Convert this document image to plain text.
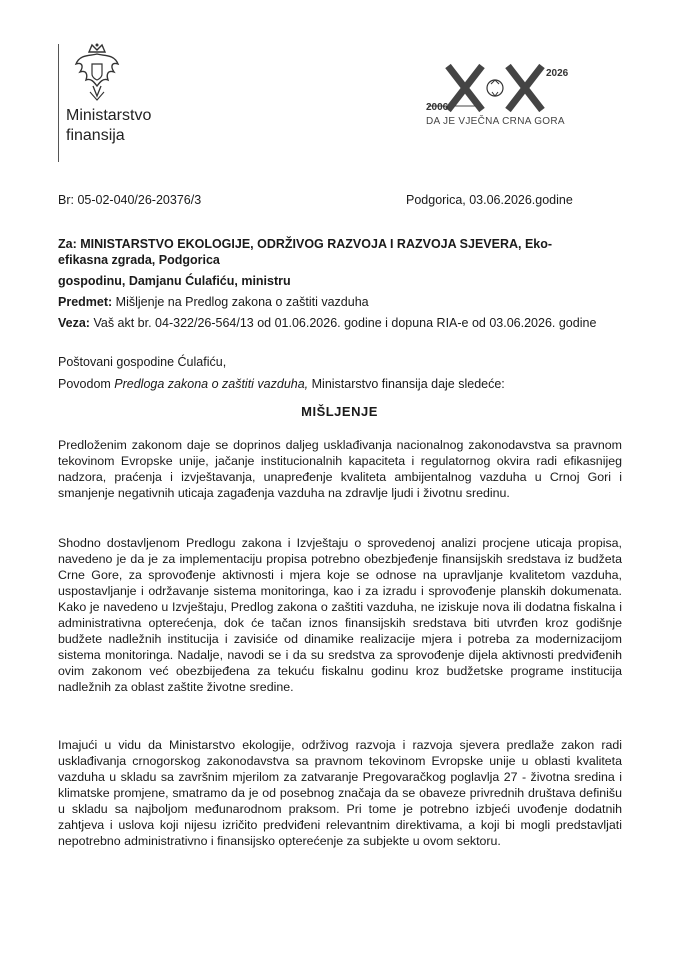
Ministarstvo
finansija
2026
2006
DA JE VJEČNA CRNA GORA
Br: 05-02-040/26-20376/3	Podgorica, 03.06.2026.godine
Za: MINISTARSTVO EKOLOGIJE, ODRŽIVOG RAZVOJA I RAZVOJA SJEVERA, Eko-
efikasna zgrada, Podgorica
gospodinu, Damjanu Ćulafiću, ministru
Predmet: Mišljenje na Predlog zakona o zaštiti vazduha
Veza: Vaš akt br. 04-322/26-564/13 od 01.06.2026. godine i dopuna RIA-e od 03.06.2026. godine
Poštovani gospodine Ćulafiću,
Povodom Predloga zakona o zaštiti vazduha, Ministarstvo finansija daje sledeće:
MIŠLJENJE
Predloženim zakonom daje se doprinos daljeg usklađivanja nacionalnog zakonodavstva sa pravnom tekovinom Evropske unije, jačanje institucionalnih kapaciteta i regulatornog okvira radi efikasnijeg nadzora, praćenja i izvještavanja, unapređenje kvaliteta ambijentalnog vazduha u Crnoj Gori i smanjenje negativnih uticaja zagađenja vazduha na zdravlje ljudi i životnu sredinu.
Shodno dostavljenom Predlogu zakona i Izvještaju o sprovedenoj analizi procjene uticaja propisa, navedeno je da je za implementaciju propisa potrebno obezbjeđenje finansijskih sredstava iz budžeta Crne Gore, za sprovođenje aktivnosti i mjera koje se odnose na upravljanje kvalitetom vazduha, uspostavljanje i održavanje sistema monitoringa, kao i za izradu i sprovođenje planskih dokumenata. Kako je navedeno u Izvještaju, Predlog zakona o zaštiti vazduha, ne iziskuje nova ili dodatna fiskalna i administrativna opterećenja, dok će tačan iznos finansijskih sredstava biti utvrđen kroz godišnje budžete nadležnih institucija i zavisiće od dinamike realizacije mjera i potreba za modernizacijom sistema monitoringa. Nadalje, navodi se i da su sredstva za sprovođenje dijela aktivnosti predviđenih ovim zakonom već obezbijeđena za tekuću fiskalnu godinu kroz budžetske programe institucija nadležnih za oblast zaštite životne sredine.
Imajući u vidu da Ministarstvo ekologije, održivog razvoja i razvoja sjevera predlaže zakon radi usklađivanja crnogorskog zakonodavstva sa pravnom tekovinom Evropske unije u oblasti kvaliteta vazduha u skladu sa završnim mjerilom za zatvaranje Pregovaračkog poglavlja 27 - životna sredina i klimatske promjene, smatramo da je od posebnog značaja da se obaveze privrednih društava definišu u skladu sa najboljom međunarodnom praksom. Pri tome je potrebno izbjeći uvođenje dodatnih zahtjeva i uslova koji nijesu izričito predviđeni relevantnim direktivama, a koji bi mogli predstavljati nepotrebno administrativno i finansijsko opterećenje za subjekte u ovom sektoru.
